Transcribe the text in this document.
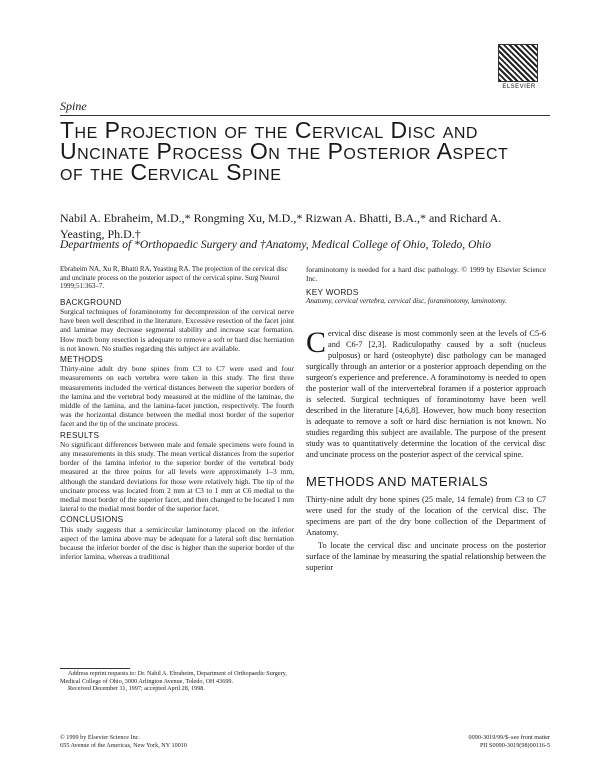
ELSEVIER
Spine
The Projection of the Cervical Disc and Uncinate Process On the Posterior Aspect of the Cervical Spine
Nabil A. Ebraheim, M.D.,* Rongming Xu, M.D.,* Rizwan A. Bhatti, B.A.,* and Richard A. Yeasting, Ph.D.†
Departments of *Orthopaedic Surgery and †Anatomy, Medical College of Ohio, Toledo, Ohio
Ebraheim NA, Xu R, Bhatti RA, Yeasting RA. The projection of the cervical disc and uncinate process on the posterior aspect of the cervical spine. Surg Neurol 1999;51:363–7.
BACKGROUND

Surgical techniques of foraminotomy for decompression of the cervical nerve have been well described in the literature. Excessive resection of the facet joint and laminae may decrease segmental stability and increase scar formation. How much bony resection is adequate to remove a soft or hard disc herniation is not known. No studies regarding this subject are available.

METHODS

Thirty-nine adult dry bone spines from C3 to C7 were used and four measurements on each vertebra were taken in this study. The first three measurements included the vertical distances between the superior borders of the lamina and the vertebral body measured at the midline of the laminae, the middle of the lamina, and the lamina-facet junction, respectively. The fourth was the horizontal distance between the medial most border of the superior facet and the tip of the uncinate process.

RESULTS

No significant differences between male and female specimens were found in any measurements in this study. The mean vertical distances from the superior border of the lamina inferior to the superior border of the vertebral body measured at the three points for all levels were approximately 1–3 mm, although the standard deviations for those were relatively high. The tip of the uncinate process was located from 2 mm at C3 to 1 mm at C6 medial to the medial most border of the superior facet, and then changed to be located 1 mm lateral to the medial most border of the superior facet.

CONCLUSIONS

This study suggests that a semicircular laminotomy placed on the inferior aspect of the lamina above may be adequate for a lateral soft disc herniation because the inferior border of the disc is higher than the superior border of the inferior lamina, whereas a traditional

foraminotomy is needed for a hard disc pathology. © 1999 by Elsevier Science Inc.

KEY WORDS

Anatomy, cervical vertebra, cervical disc, foraminotomy, laminotomy.

Cervical disc disease is most commonly seen at the levels of C5-6 and C6-7 [2,3]. Radiculopathy caused by a soft (nucleus pulposus) or hard (osteophyte) disc pathology can be managed surgically through an anterior or a posterior approach depending on the surgeon's experience and preference. A foraminotomy is needed to open the posterior wall of the intervertebral foramen if a posterior approach is selected. Surgical techniques of foraminotomy have been well described in the literature [4,6,8]. However, how much bony resection is adequate to remove a soft or hard disc herniation is not known. No studies regarding this subject are available. The purpose of the present study was to quantitatively determine the location of the cervical disc and uncinate process on the posterior aspect of the cervical spine.

METHODS AND MATERIALS

Thirty-nine adult dry bone spines (25 male, 14 female) from C3 to C7 were used for the study of the location of the cervical disc. The specimens are part of the dry bone collection of the Department of Anatomy.

To locate the cervical disc and uncinate process on the posterior surface of the laminae by measuring the spatial relationship between the superior

Address reprint requests to: Dr. Nabil A. Ebraheim, Department of Orthopaedic Surgery, Medical College of Ohio, 3000 Arlington Avenue, Toledo, OH 43699.
Received December 11, 1997; accepted April 28, 1998.
© 1999 by Elsevier Science Inc.
655 Avenue of the Americas, New York, NY 10010
0090-3019/99/$–see front matter
PII S0090-3019(98)00116-5
